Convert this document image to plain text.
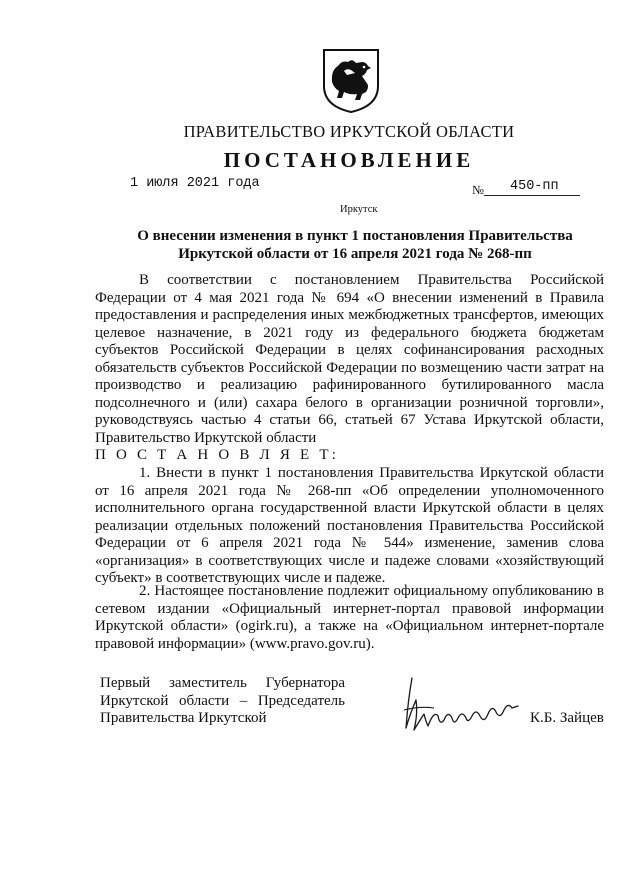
ПРАВИТЕЛЬСТВО ИРКУТСКОЙ ОБЛАСТИ
ПОСТАНОВЛЕНИЕ
1 июля 2021 года	№ 450-пп
Иркутск
О внесении изменения в пункт 1 постановления Правительства
Иркутской области от 16 апреля 2021 года № 268-пп
В соответствии с постановлением Правительства Российской Федерации от 4 мая 2021 года № 694 «О внесении изменений в Правила предоставления и распределения иных межбюджетных трансфертов, имеющих целевое назначение, в 2021 году из федерального бюджета бюджетам субъектов Российской Федерации в целях софинансирования расходных обязательств субъектов Российской Федерации по возмещению части затрат на производство и реализацию рафинированного бутилированного масла подсолнечного и (или) сахара белого в организации розничной торговли», руководствуясь частью 4 статьи 66, статьей 67 Устава Иркутской области, Правительство Иркутской области
П О С Т А Н О В Л Я Е Т:
1. Внести в пункт 1 постановления Правительства Иркутской области от 16 апреля 2021 года № 268-пп «Об определении уполномоченного исполнительного органа государственной власти Иркутской области в целях реализации отдельных положений постановления Правительства Российской Федерации от 6 апреля 2021 года № 544» изменение, заменив слова «организация» в соответствующих числе и падеже словами «хозяйствующий субъект» в соответствующих числе и падеже.
2. Настоящее постановление подлежит официальному опубликованию в сетевом издании «Официальный интернет-портал правовой информации Иркутской области» (ogirk.ru), а также на «Официальном интернет-портале правовой информации» (www.pravo.gov.ru).
Первый заместитель Губернатора
Иркутской области – Председатель
Правительства Иркутской	К.Б. Зайцев
